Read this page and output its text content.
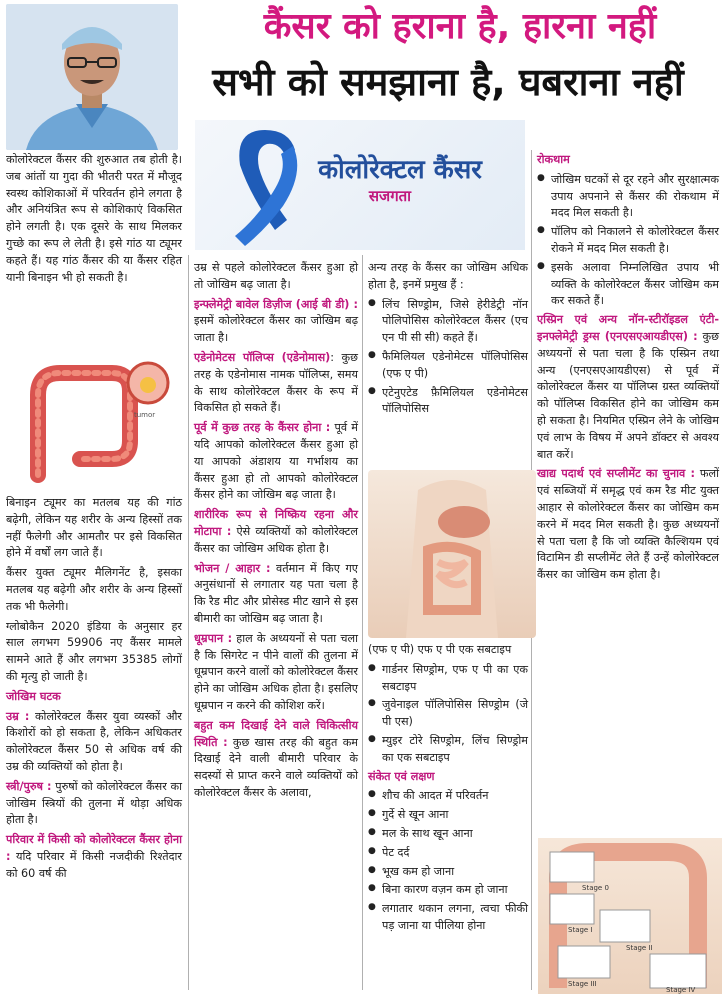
कैंसर को हराना है, हारना नहीं
सभी को समझाना है, घबराना नहीं
कोलोरेक्टल कैंसर
सजगता

कोलोरेक्टल कैंसर की शुरुआत तब होती है। जब आंतों या गुदा की भीतरी परत में मौजूद स्वस्थ कोशिकाओं में परिवर्तन होने लगता है और अनियंत्रित रूप से कोशिकाएं विकसित होने लगती है। एक दूसरे के साथ मिलकर गुच्छे का रूप ले लेती है। इसे गांठ या ट्यूमर कहते हैं। यह गांठ कैंसर की या कैंसर रहित यानी बिनाइन भी हो सकती है।

tumor

बिनाइन ट्यूमर का मतलब यह की गांठ बढ़ेगी, लेकिन यह शरीर के अन्य हिस्सों तक नहीं फैलेगी और आमतौर पर इसे विकसित होने में वर्षों लग जाते हैं।

कैंसर युक्त ट्यूमर मैलिगनेंट है, इसका मतलब यह बढ़ेगी और शरीर के अन्य हिस्सों तक भी फैलेगी।

ग्लोबोकैन 2020 इंडिया के अनुसार हर साल लगभग 59906 नए कैंसर मामले सामने आते हैं और लगभग 35385 लोगों की मृत्यु हो जाती है।

जोखिम घटक

उम्र : कोलोरेक्टल कैंसर युवा व्यस्कों और किशोरों को हो सकता है, लेकिन अधिकतर कोलोरेक्टल कैंसर 50 से अधिक वर्ष की उम्र की व्यक्तियों को होता है।

स्त्री/पुरुष : पुरुषों को कोलोरेक्टल कैंसर का जोखिम स्त्रियों की तुलना में थोड़ा अधिक होता है।

परिवार में किसी को कोलोरेक्टल कैंसर होना : यदि परिवार में किसी नजदीकी रिश्तेदार को 60 वर्ष की

उम्र से पहले कोलोरेक्टल कैंसर हुआ हो तो जोखिम बढ़ जाता है।

इन्फ्लेमेट्री बावेल डिज़ीज (आई बी डी) : इसमें कोलोरेक्टल कैंसर का जोखिम बढ़ जाता है।

एडेनोमेटस पॉलिप्स (एडेनोमास): कुछ तरह के एडेनोमास नामक पॉलिप्स, समय के साथ कोलोरेक्टल कैंसर के रूप में विकसित हो सकते हैं।

पूर्व में कुछ तरह के कैंसर होना : पूर्व में यदि आपको कोलोरेक्टल कैंसर हुआ हो या आपको अंडाशय या गर्भाशय का कैंसर हुआ हो तो आपको कोलोरेक्टल कैंसर होने का जोखिम बढ़ जाता है।

शारीरिक रूप से निष्क्रिय रहना और मोटापा : ऐसे व्यक्तियों को कोलोरेक्टल कैंसर का जोखिम अधिक होता है।

भोजन / आहार : वर्तमान में किए गए अनुसंधानों से लगातार यह पता चला है कि रैड मीट और प्रोसेस्ड मीट खाने से इस बीमारी का जोखिम बढ़ जाता है।

धूम्रपान : हाल के अध्ययनों से पता चला है कि सिगरेट न पीने वालों की तुलना में धूम्रपान करने वालों को कोलोरेक्टल कैंसर होने का जोखिम अधिक होता है। इसलिए धूम्रपान न करने की कोशिश करें।

बहुत कम दिखाई देने वाले चिकित्सीय स्थिति : कुछ खास तरह की बहुत कम दिखाई देने वाली बीमारी परिवार के सदस्यों से प्राप्त करने वाले व्यक्तियों को कोलोरेक्टल कैंसर के अलावा,

अन्य तरह के कैंसर का जोखिम अधिक होता है, इनमें प्रमुख हैं :

● लिंच सिण्ड्रोम, जिसे हेरीडेट्री नॉन पोलिपोसिस कोलोरेक्टल कैंसर (एच एन पी सी सी) कहते हैं।
● फैमिलियल एडेनोमेटस पॉलिपोसिस (एफ ए पी)
● एटेनुएटेड फ़ैमिलियल एडेनोमेटस पॉलिपोसिस

(एफ ए पी) एफ ए पी एक सबटाइप

● गार्डनर सिण्ड्रोम, एफ ए पी का एक सबटाइप
● जुवेनाइल पॉलिपोसिस सिण्ड्रोम (जे पी एस)
● म्युइर टोरे सिण्ड्रोम, लिंच सिण्ड्रोम का एक सबटाइप

संकेत एवं लक्षण

● शौच की आदत में परिवर्तन
● गुर्दे से खून आना
● मल के साथ खून आना
● पेट दर्द
● भूख कम हो जाना
● बिना कारण वज़न कम हो जाना
● लगातार थकान लगना, त्वचा फीकी पड़ जाना या पीलिया होना

रोकथाम

● जोखिम घटकों से दूर रहने और सुरक्षात्मक उपाय अपनाने से कैंसर की रोकथाम में मदद मिल सकती है।
● पॉलिप को निकालने से कोलोरेक्टल कैंसर रोकने में मदद मिल सकती है।
● इसके अलावा निम्नलिखित उपाय भी व्यक्ति के कोलोरेक्टल कैंसर जोखिम कम कर सकते हैं।

एस्प्रिन एवं अन्य नॉन-स्टीरॉइडल एंटी-इनफ्लेमेट्री ड्रग्स (एनएसएआयडीएस) : कुछ अध्ययनों से पता चला है कि एस्प्रिन तथा अन्य (एनएसएआयडीएस) से पूर्व में कोलोरेक्टल कैंसर या पॉलिप्स ग्रस्त व्यक्तियों को पॉलिप्स विकसित होने का जोखिम कम हो सकता है। नियमित एस्प्रिन लेने के जोखिम एवं लाभ के विषय में अपने डॉक्टर से अवश्य बात करें।

खाद्य पदार्थ एवं सप्लीमेंट का चुनाव : फलों एवं सब्जियों में समृद्ध एवं कम रैड मीट युक्त आहार से कोलोरेक्टल कैंसर का जोखिम कम करने में मदद मिल सकती है। कुछ अध्ययनों से पता चला है कि जो व्यक्ति कैल्शियम एवं विटामिन डी सप्लीमेंट लेते हैं उन्हें कोलोरेक्टल कैंसर का जोखिम कम होता है।

Stage 0
Stage I
Stage II
Stage III
Stage IV
